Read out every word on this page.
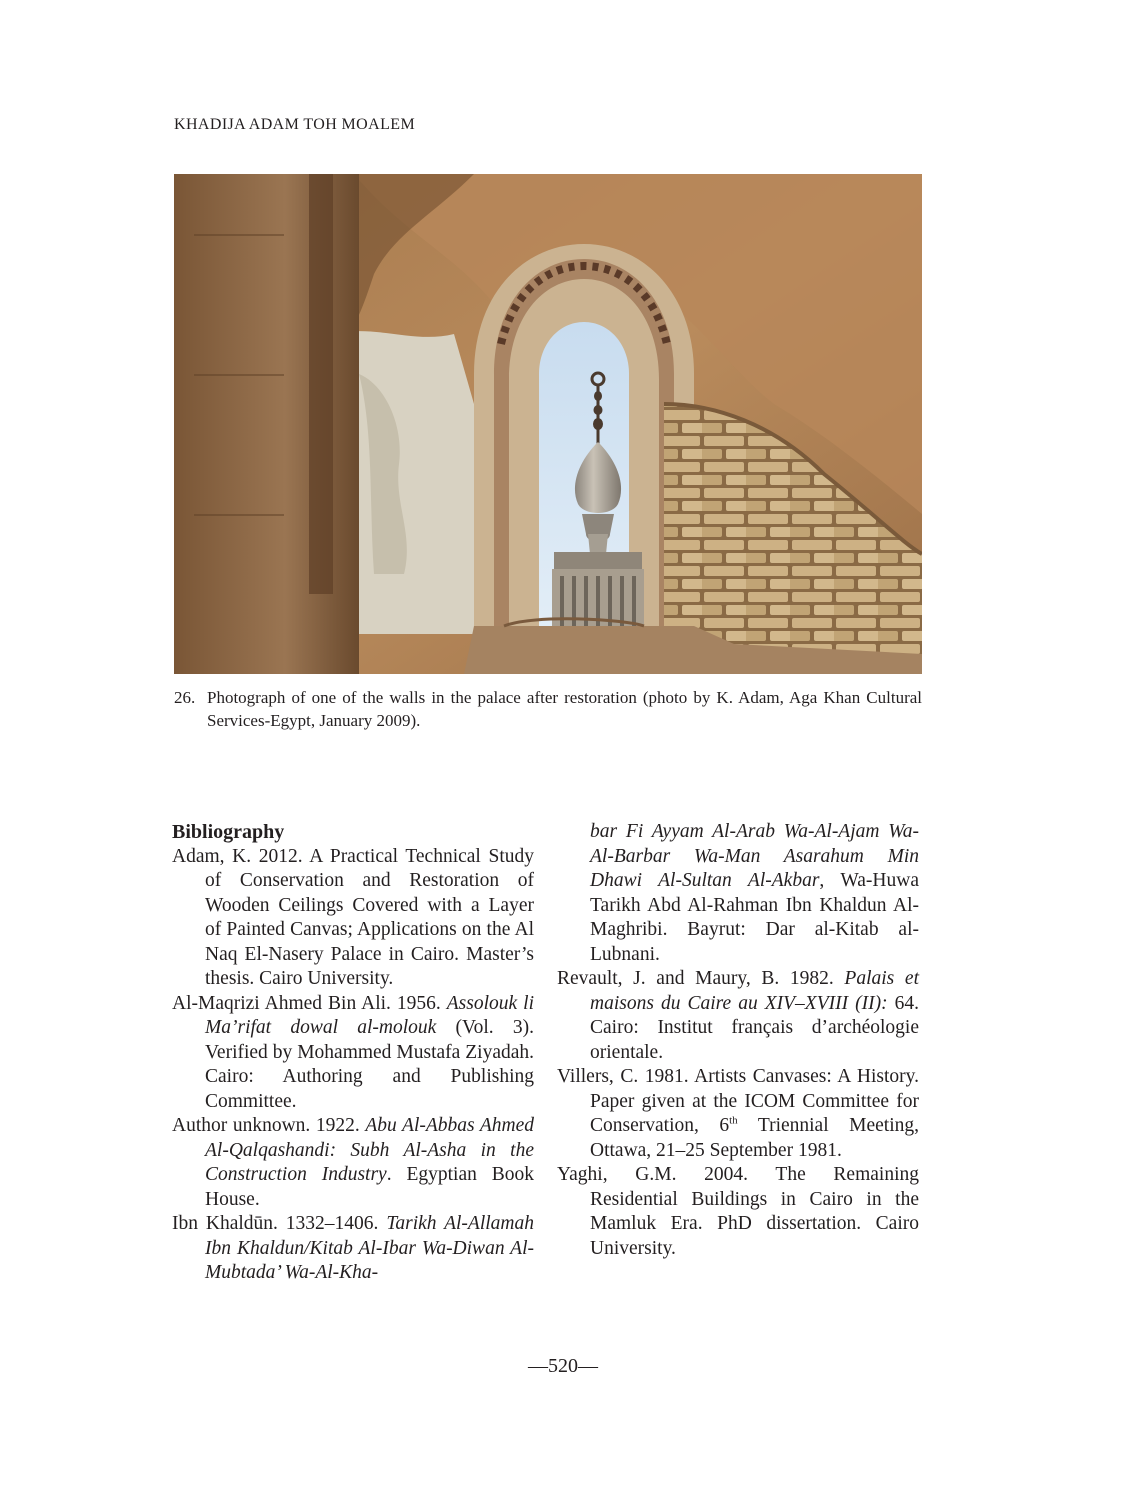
KHADIJA ADAM TOH MOALEM
26. Photograph of one of the walls in the palace after restoration (photo by K. Adam, Aga Khan Cultural Services-Egypt, January 2009).

Bibliography

Adam, K. 2012. A Practical Technical Study of Conservation and Restoration of Wooden Ceilings Covered with a Layer of Painted Canvas; Applications on the Al Naq El-Nasery Palace in Cairo. Master’s thesis. Cairo University.

Al-Maqrizi Ahmed Bin Ali. 1956. Assolouk li Ma’rifat dowal al-molouk (Vol. 3). Verified by Mohammed Mustafa Ziyadah. Cairo: Authoring and Publishing Committee.

Author unknown. 1922. Abu Al-Abbas Ahmed Al-Qalqashandi: Subh Al-Asha in the Construction Industry. Egyptian Book House.

Ibn Khaldūn. 1332–1406. Tarikh Al-Allamah Ibn Khaldun/Kitab Al-Ibar Wa-Diwan Al-Mubtada’ Wa-Al-Kha-

bar Fi Ayyam Al-Arab Wa-Al-Ajam Wa-Al-Barbar Wa-Man Asarahum Min Dhawi Al-Sultan Al-Akbar, Wa-Huwa Tarikh Abd Al-Rahman Ibn Khaldun Al-Maghribi. Bayrut: Dar al-Kitab al-Lubnani.

Revault, J. and Maury, B. 1982. Palais et maisons du Caire au XIV–XVIII (II): 64. Cairo: Institut français d’archéologie orientale.

Villers, C. 1981. Artists Canvases: A History. Paper given at the ICOM Committee for Conservation, 6th Triennial Meeting, Ottawa, 21–25 September 1981.

Yaghi, G.M. 2004. The Remaining Residential Buildings in Cairo in the Mamluk Era. PhD dissertation. Cairo University.

—520—
